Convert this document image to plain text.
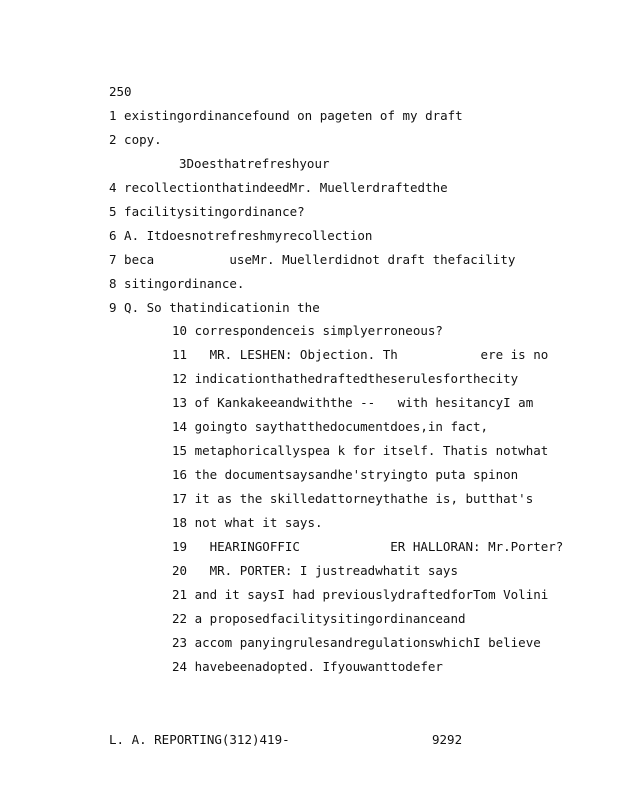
250
1 existingordinancefound on pageten of my draft
2 copy.
3Doesthatrefreshyour
4 recollectionthatindeedMr. Muellerdraftedthe
5 facilitysitingordinance?
6 A. Itdoesnotrefreshmyrecollection
7 beca          useMr. Muellerdidnot draft thefacility
8 sitingordinance.
9 Q. So thatindicationin the
10 correspondenceis simplyerroneous?
11   MR. LESHEN: Objection. Th           ere is no
12 indicationthathedraftedtheserulesforthecity
13 of Kankakeeandwiththe --   with hesitancyI am
14 goingto saythatthedocumentdoes,in fact,
15 metaphoricallyspea k for itself. Thatis notwhat
16 the documentsaysandhe'stryingto puta spinon
17 it as the skilledattorneythathe is, butthat's
18 not what it says.
19   HEARINGOFFIC            ER HALLORAN: Mr.Porter?
20   MR. PORTER: I justreadwhatit says
21 and it saysI had previouslydraftedforTom Volini
22 a proposedfacilitysitingordinanceand
23 accom panyingrulesandregulationswhichI believe
24 havebeenadopted. Ifyouwanttodefer
L. A. REPORTING(312)419-	9292
